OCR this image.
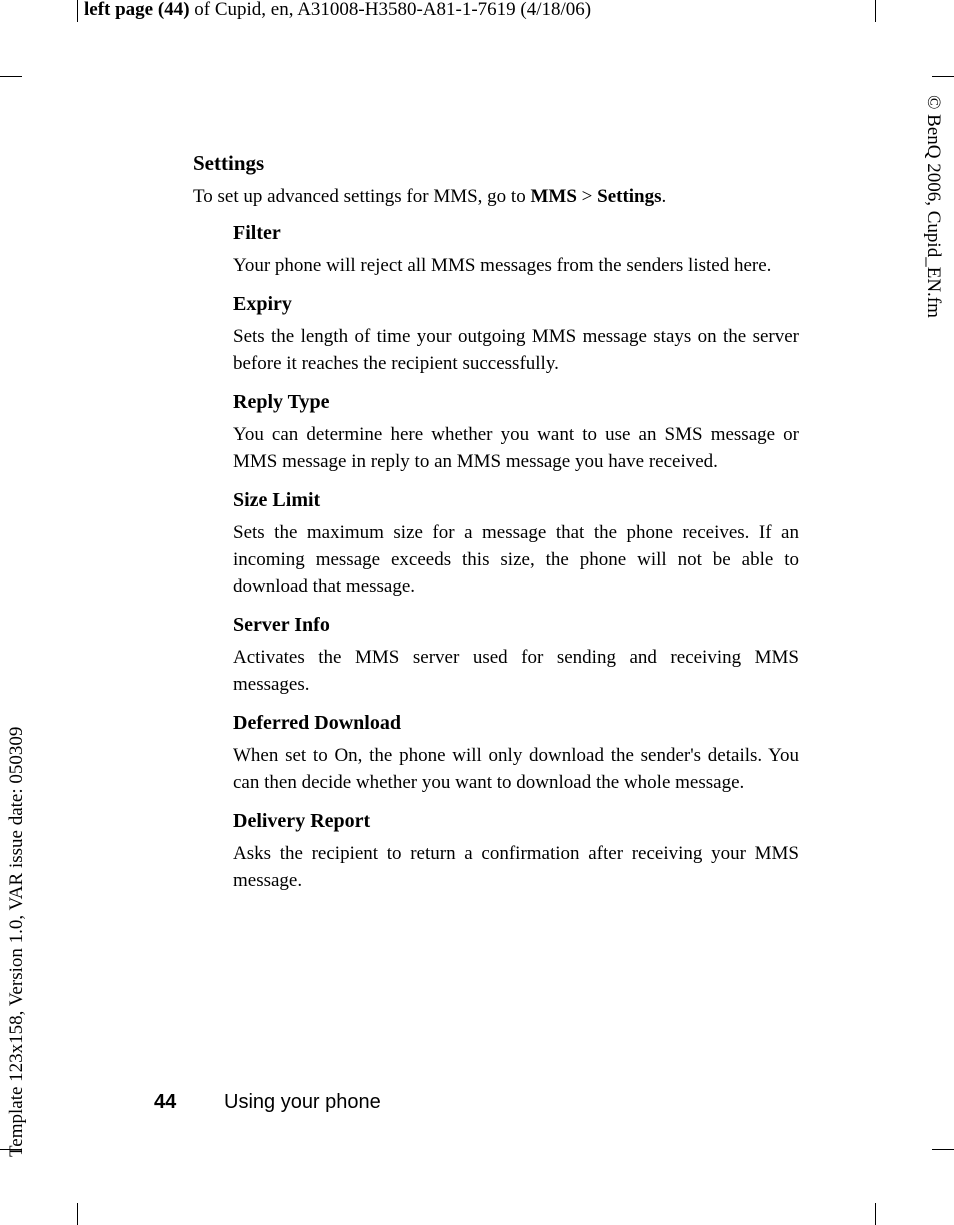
left page (44) of Cupid, en, A31008-H3580-A81-1-7619 (4/18/06)
© BenQ 2006, Cupid_EN.fm
Template 123x158, Version 1.0, VAR issue date: 050309
Settings
To set up advanced settings for MMS, go to MMS > Settings.
Filter
Your phone will reject all MMS messages from the senders listed here.
Expiry
Sets the length of time your outgoing MMS message stays on the server before it reaches the recipient successfully.
Reply Type
You can determine here whether you want to use an SMS message or MMS message in reply to an MMS message you have received.
Size Limit
Sets the maximum size for a message that the phone receives. If an incoming message exceeds this size, the phone will not be able to download that message.
Server Info
Activates the MMS server used for sending and receiving MMS messages.
Deferred Download
When set to On, the phone will only download the sender's details. You can then decide whether you want to download the whole message.
Delivery Report
Asks the recipient to return a confirmation after receiving your MMS message.
44 Using your phone
